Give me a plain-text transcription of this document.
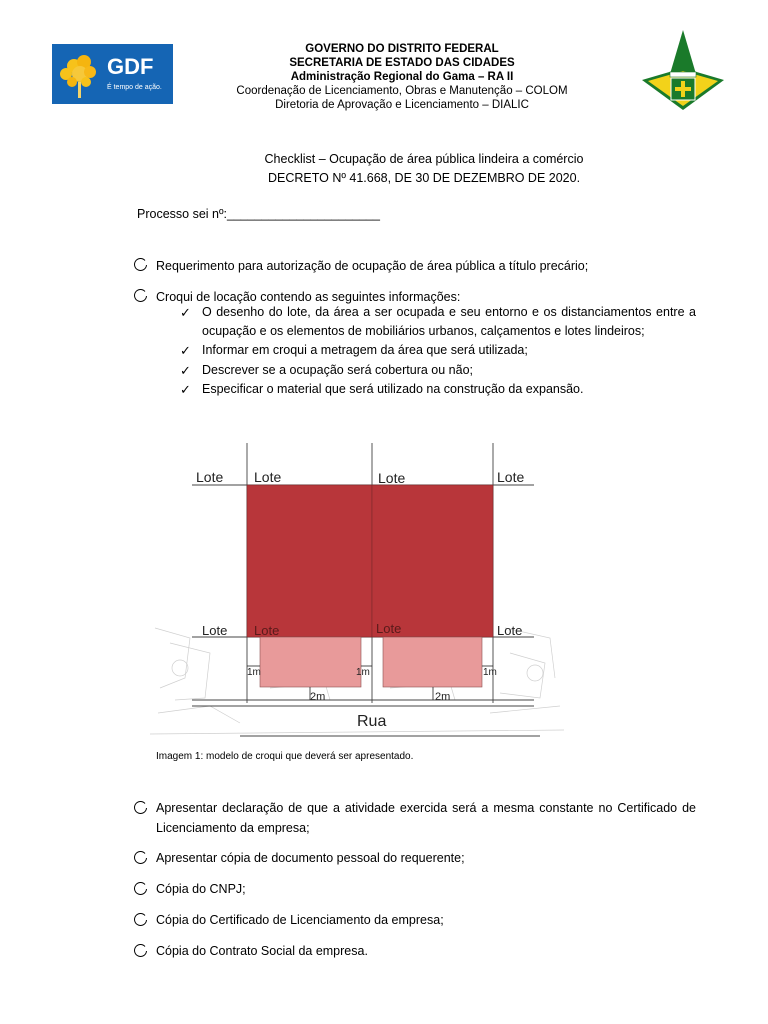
GDF
É tempo de ação.
GOVERNO DO DISTRITO FEDERAL
SECRETARIA DE ESTADO DAS CIDADES
Administração Regional do Gama – RA II
Coordenação de Licenciamento, Obras e Manutenção – COLOM
Diretoria de Aprovação e Licenciamento – DIALIC
Checklist – Ocupação de área pública lindeira a comércio
DECRETO Nº 41.668, DE 30 DE DEZEMBRO DE 2020.
Processo sei nº:______________________
Requerimento para autorização de ocupação de área pública a título precário;
Croqui de locação contendo as seguintes informações:
✓ O desenho do lote, da área a ser ocupada e seu entorno e os distanciamentos entre a ocupação e os elementos de mobiliários urbanos, calçamentos e lotes lindeiros;
✓ Informar em croqui a metragem da área que será utilizada;
✓ Descrever se a ocupação será cobertura ou não;
✓ Especificar o material que será utilizado na construção da expansão.
Lote Lote	Lote	Lote
Lote Lote	Lote	Lote
1m	1m	1m
2m	2m
Rua
Imagem 1: modelo de croqui que deverá ser apresentado.
Apresentar declaração de que a atividade exercida será a mesma constante no Certificado de Licenciamento da empresa;
Apresentar cópia de documento pessoal do requerente;
Cópia do CNPJ;
Cópia do Certificado de Licenciamento da empresa;
Cópia do Contrato Social da empresa.
